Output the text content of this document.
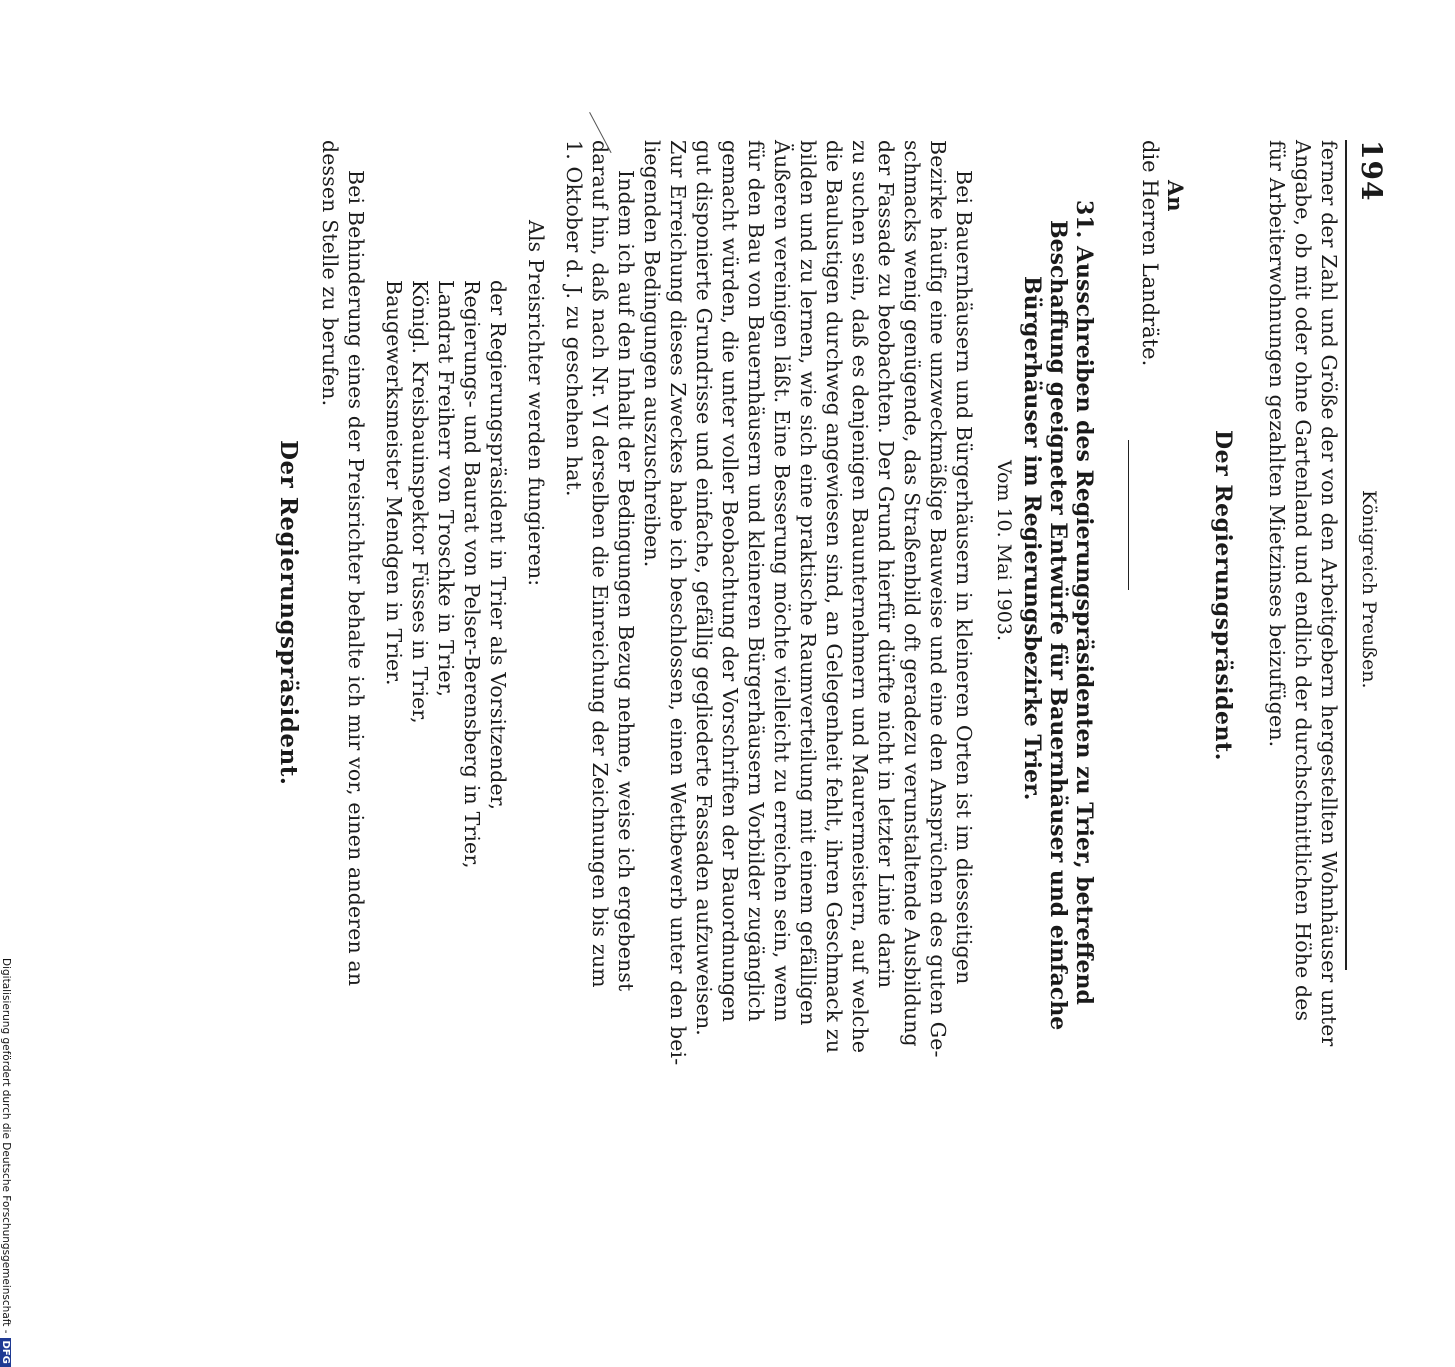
194
Königreich Preußen.
ferner der Zahl und Größe der von den Arbeitgebern hergestellten Wohnhäuser unter
Angabe, ob mit oder ohne Gartenland und endlich der durchschnittlichen Höhe des
für Arbeiterwohnungen gezahlten Mietzinses beizufügen.
Der Regierungspräsident.
An
die Herren Landräte.
31. Ausschreiben des Regierungspräsidenten zu Trier, betreffend
Beschaffung geeigneter Entwürfe für Bauernhäuser und einfache
Bürgerhäuser im Regierungsbezirke Trier.
Vom 10. Mai 1903.
Bei Bauernhäusern und Bürgerhäusern in kleineren Orten ist im diesseitigen
Bezirke häufig eine unzweckmäßige Bauweise und eine den Ansprüchen des guten Ge-
schmacks wenig genügende, das Straßenbild oft geradezu verunstaltende Ausbildung
der Fassade zu beobachten. Der Grund hierfür dürfte nicht in letzter Linie darin
zu suchen sein, daß es denjenigen Bauunternehmern und Maurermeistern, auf welche
die Baulustigen durchweg angewiesen sind, an Gelegenheit fehlt, ihren Geschmack zu
bilden und zu lernen, wie sich eine praktische Raumverteilung mit einem gefälligen
Äußeren vereinigen läßt. Eine Besserung möchte vielleicht zu erreichen sein, wenn
für den Bau von Bauernhäusern und kleineren Bürgerhäusern Vorbilder zugänglich
gemacht würden, die unter voller Beobachtung der Vorschriften der Bauordnungen
gut disponierte Grundrisse und einfache, gefällig gegliederte Fassaden aufzuweisen.
Zur Erreichung dieses Zweckes habe ich beschlossen, einen Wettbewerb unter den bei-
liegenden Bedingungen auszuschreiben.
Indem ich auf den Inhalt der Bedingungen Bezug nehme, weise ich ergebenst
darauf hin, daß nach Nr. VI derselben die Einreichung der Zeichnungen bis zum
1. Oktober d. J. zu geschehen hat.
Als Preisrichter werden fungieren:
der Regierungspräsident in Trier als Vorsitzender,
Regierungs- und Baurat von Pelser-Berensberg in Trier,
Landrat Freiherr von Troschke in Trier,
Königl. Kreisbauinspektor Füsses in Trier,
Baugewerksmeister Mendgen in Trier.
Bei Behinderung eines der Preisrichter behalte ich mir vor, einen anderen an
dessen Stelle zu berufen.
Der Regierungspräsident.
Digitalisierung gefördert durch die Deutsche Forschungsgemeinschaft -DFG
